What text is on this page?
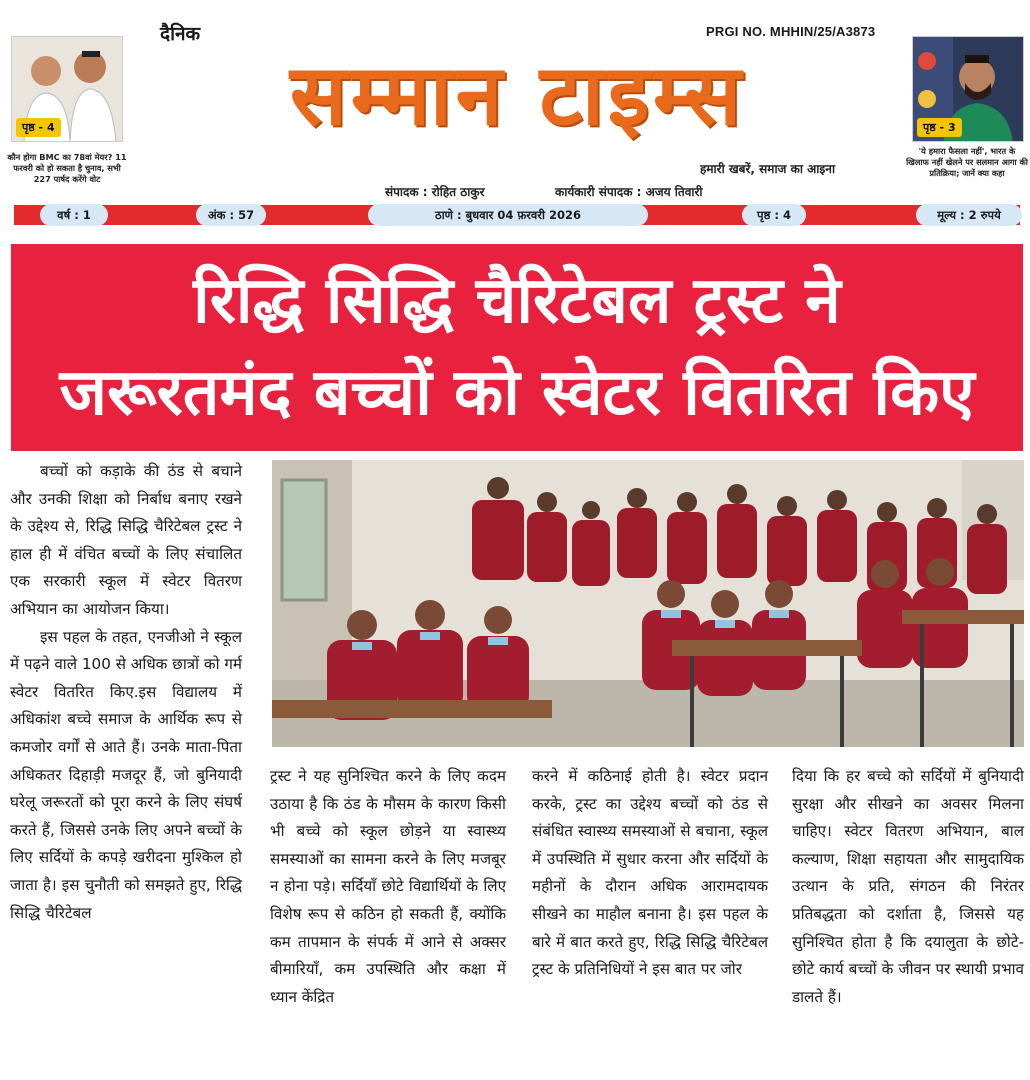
पृष्ठ - 4
कौन होगा BMC का 78वां मेयर? 11 फरवरी को हो सकता है चुनाव, सभी 227 पार्षद करेंगे वोट
दैनिक	PRGI NO. MHHIN/25/A3873
सम्मान टाइम्स
हमारी खबरें, समाज का आइना
संपादक : रोहित ठाकुर	कार्यकारी संपादक : अजय तिवारी
पृष्ठ - 3
'ये हमारा फैसला नहीं', भारत के खिलाफ नहीं खेलने पर सलमान आगा की प्रतिक्रिया; जानें क्या कहा
वर्ष : 1	अंक : 57	ठाणे : बुधवार 04 फ़रवरी 2026	पृष्ठ : 4	मूल्य : 2 रुपये
रिद्धि सिद्धि चैरिटेबल ट्रस्ट ने
जरूरतमंद बच्चों को स्वेटर वितरित किए

बच्चों को कड़ाके की ठंड से बचाने और उनकी शिक्षा को निर्बाध बनाए रखने के उद्देश्य से, रिद्धि सिद्धि चैरिटेबल ट्रस्ट ने हाल ही में वंचित बच्चों के लिए संचालित एक सरकारी स्कूल में स्वेटर वितरण अभियान का आयोजन किया।

इस पहल के तहत, एनजीओ ने स्कूल में पढ़ने वाले 100 से अधिक छात्रों को गर्म स्वेटर वितरित किए.इस विद्यालय में अधिकांश बच्चे समाज के आर्थिक रूप से कमजोर वर्गों से आते हैं। उनके माता-पिता अधिकतर दिहाड़ी मजदूर हैं, जो बुनियादी घरेलू जरूरतों को पूरा करने के लिए संघर्ष करते हैं, जिससे उनके लिए अपने बच्चों के लिए सर्दियों के कपड़े खरीदना मुश्किल हो जाता है। इस चुनौती को समझते हुए, रिद्धि सिद्धि चैरिटेबल

ट्रस्ट ने यह सुनिश्चित करने के लिए कदम उठाया है कि ठंड के मौसम के कारण किसी भी बच्चे को स्कूल छोड़ने या स्वास्थ्य समस्याओं का सामना करने के लिए मजबूर न होना पड़े। सर्दियाँ छोटे विद्यार्थियों के लिए विशेष रूप से कठिन हो सकती हैं, क्योंकि कम तापमान के संपर्क में आने से अक्सर बीमारियाँ, कम उपस्थिति और कक्षा में ध्यान केंद्रित

करने में कठिनाई होती है। स्वेटर प्रदान करके, ट्रस्ट का उद्देश्य बच्चों को ठंड से संबंधित स्वास्थ्य समस्याओं से बचाना, स्कूल में उपस्थिति में सुधार करना और सर्दियों के महीनों के दौरान अधिक आरामदायक सीखने का माहौल बनाना है। इस पहल के बारे में बात करते हुए, रिद्धि सिद्धि चैरिटेबल ट्रस्ट के प्रतिनिधियों ने इस बात पर जोर

दिया कि हर बच्चे को सर्दियों में बुनियादी सुरक्षा और सीखने का अवसर मिलना चाहिए। स्वेटर वितरण अभियान, बाल कल्याण, शिक्षा सहायता और सामुदायिक उत्थान के प्रति, संगठन की निरंतर प्रतिबद्धता को दर्शाता है, जिससे यह सुनिश्चित होता है कि दयालुता के छोटे-छोटे कार्य बच्चों के जीवन पर स्थायी प्रभाव डालते हैं।
